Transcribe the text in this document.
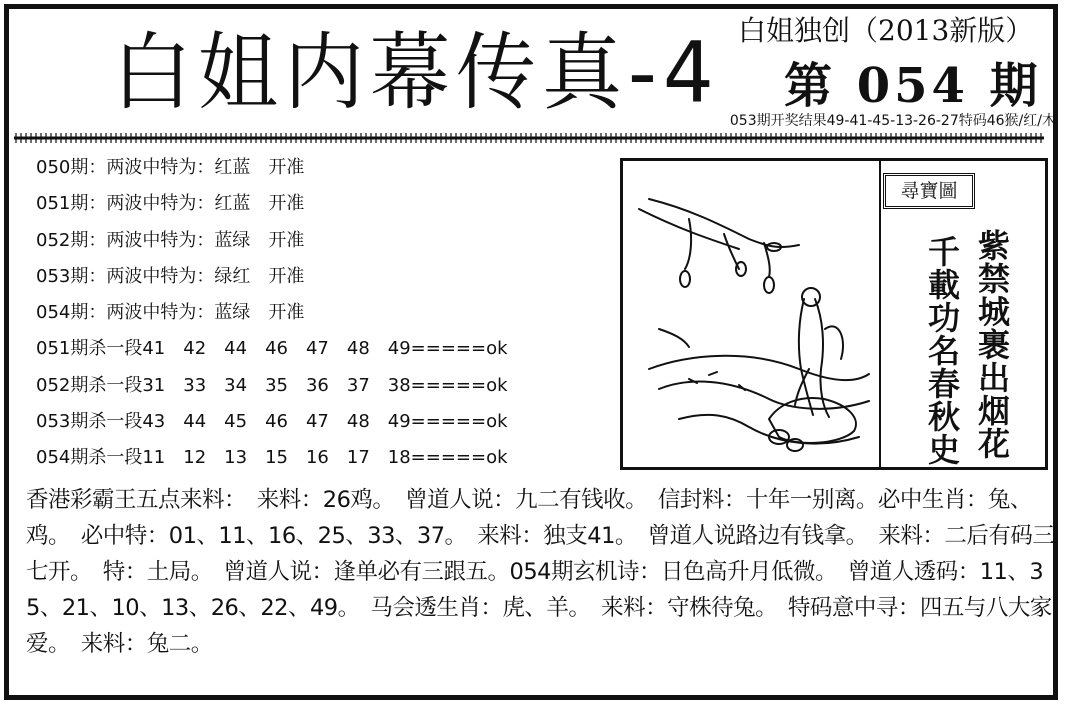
白姐内幕传真-4 白姐独创（2013新版）
第 054 期
053期开奖结果49-41-45-13-26-27特码46猴/红/木
050期：两波中特为：红蓝　开准
051期：两波中特为：红蓝　开准
052期：两波中特为：蓝绿　开准
053期：两波中特为：绿红　开准
054期：两波中特为：蓝绿　开准
051期杀一段41　42　44　46　47　48　49=====ok
052期杀一段31　33　34　35　36　37　38=====ok
053期杀一段43　44　45　46　47　48　49=====ok
054期杀一段11　12　13　15　16　17　18=====ok
尋寶圖
紫禁城裹出烟花
千載功名春秋史
香港彩霸王五点来料：　来料：26鸡。　曾道人说：九二有钱收。　信封料：十年一别离。必中生肖：兔、鸡。　必中特：01、11、16、25、33、37。　来料：独支41。　曾道人说路边有钱拿。　来料：二后有码三七开。　特：土局。　曾道人说：逢单必有三跟五。054期玄机诗：日色高升月低微。　曾道人透码：11、35、21、10、13、26、22、49。　马会透生肖：虎、羊。　来料：守株待兔。　特码意中寻：四五与八大家爱。　来料：兔二。
